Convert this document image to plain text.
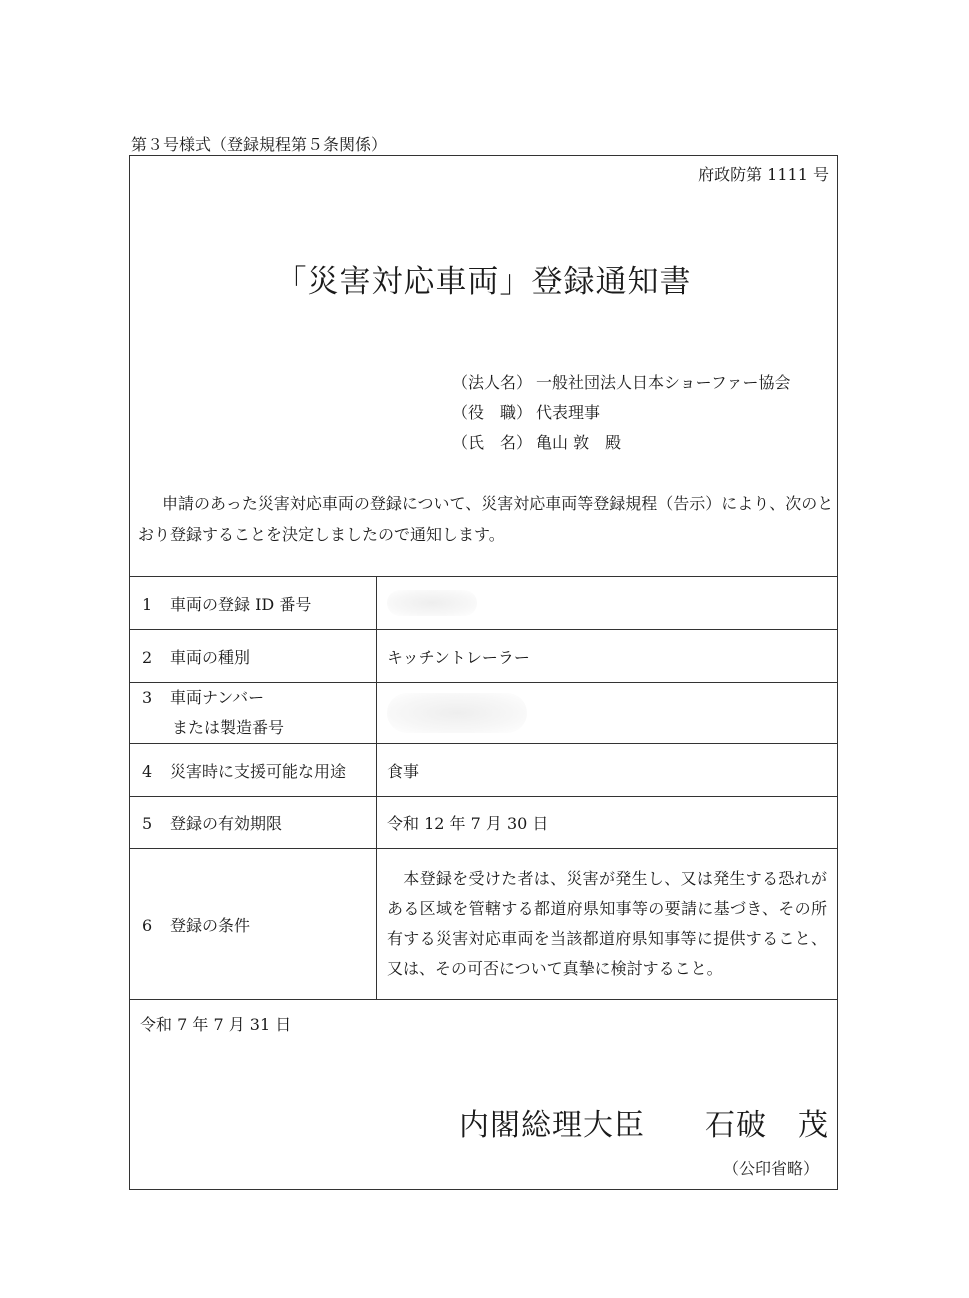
第３号様式（登録規程第５条関係）
府政防第 1111 号
「災害対応車両」登録通知書
（法人名） 一般社団法人日本ショーファー協会
（役　職） 代表理事
（氏　名） 亀山 敦　殿
申請のあった災害対応車両の登録について、災害対応車両等登録規程（告示）により、次のとおり登録することを決定しましたので通知します。
1 車両の登録 ID 番号	
2 車両の種別	キッチントレーラー

3 車両ナンバー
または製造番号	

4 災害時に支援可能な用途	食事
5 登録の有効期限	令和 12 年 7 月 30 日
6 登録の条件	本登録を受けた者は、災害が発生し、又は発生する恐れがある区域を管轄する都道府県知事等の要請に基づき、その所有する災害対応車両を当該都道府県知事等に提供すること、又は、その可否について真摯に検討すること。
令和 7 年 7 月 31 日
内閣総理大臣 石破　茂
（公印省略）
